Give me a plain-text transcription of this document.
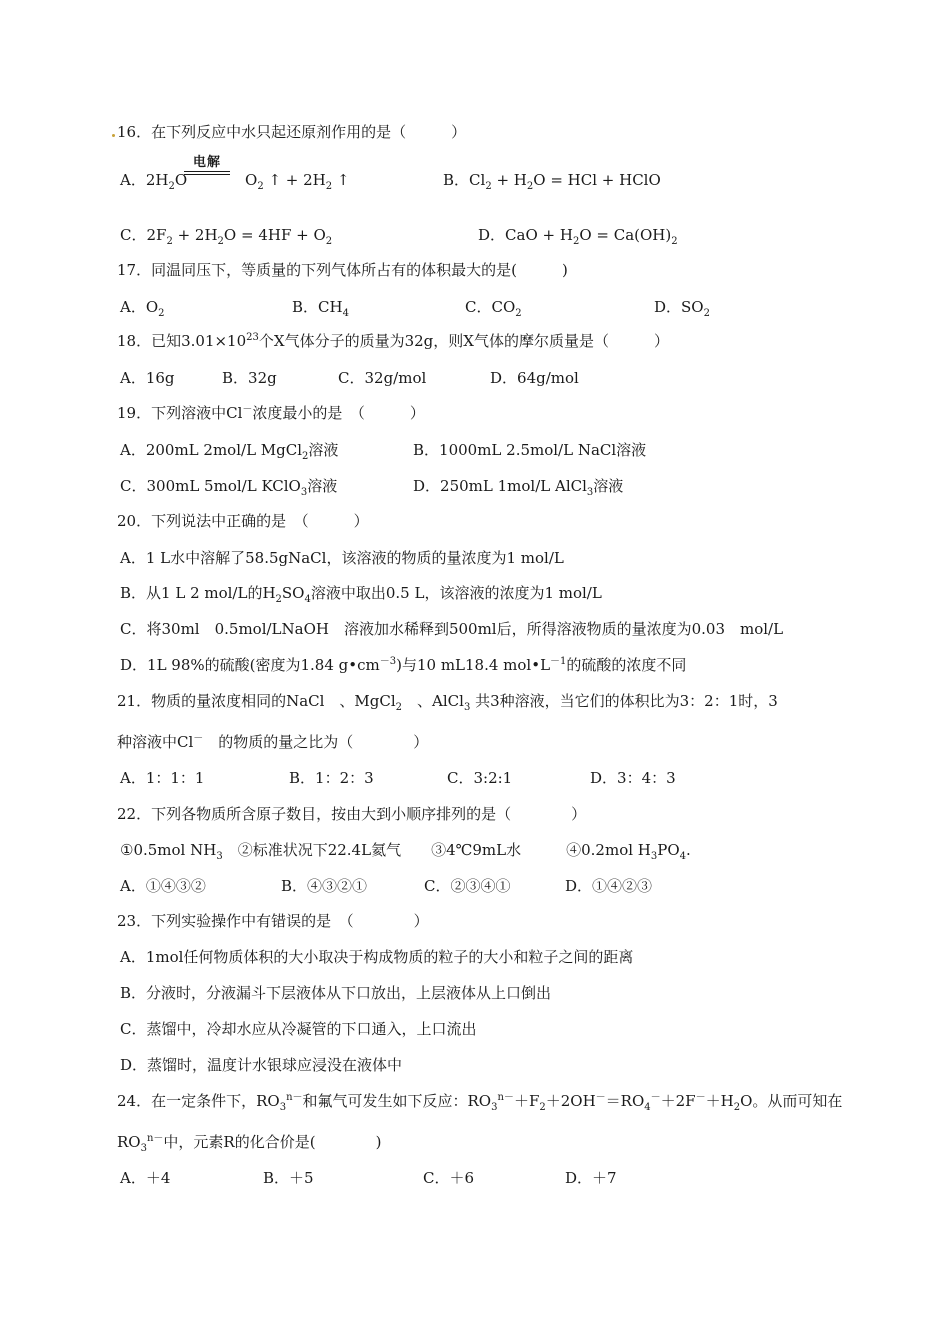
16．在下列反应中水只起还原剂作用的是（　　　）
A．$2H_2O$
电解
$O_2$ ↑ + $2H_2$ ↑	B．$Cl_2 + H_2O$ = HCl + HClO
C．$2F_2 + 2H_2O = 4HF + O_2$	D．CaO + $H_2O = Ca(OH)_2$
17．同温同压下，等质量的下列气体所占有的体积最大的是(　　　)
A．$O_2$	B．$CH_4$	C．$CO_2$	D．$SO_2$
18．已知$3.01\times 10^{23}$个X气体分子的质量为32g，则X气体的摩尔质量是（　　　）
A．16g	B．32g	C．32g/mol	D．64g/mol
19．下列溶液中Cl－浓度最小的是　（　　　）
A．200mL 2mol/L MgCl$_2$溶液	B．1000mL 2.5mol/L NaCl溶液
C．300mL 5mol/L KClO$_3$溶液	D．250mL 1mol/L AlCl$_3$溶液
20．下列说法中正确的是　（　　　）
A．1 L水中溶解了58.5gNaCl，该溶液的物质的量浓度为1 mol/L
B．从1 L 2 mol/L的$H_2SO_4$溶液中取出0.5 L，该溶液的浓度为1 mol/L
C．将30ml　0.5mol/LNaOH　溶液加水稀释到500ml后，所得溶液物质的量浓度为0.03　mol/L
D．1L 98%的硫酸(密度为1.84 $g•cm^{-3}$)与10 mL18.4 $mol•L^{-1}$的硫酸的浓度不同
21．物质的量浓度相同的NaCl　、MgCl$_2$　、AlCl$_3$ 共3种溶液，当它们的体积比为3：2：1时，3
种溶液中Cl－　的物质的量之比为（　　　　）
A．1：1：1	B．1：2：3	C．3:2:1	D．3：4：3
22．下列各物质所含原子数目，按由大到小顺序排列的是（　　　　）
①0.5mol $NH_3$　②标准状况下22.4L氦气　　③4℃9mL水　　　④0.2mol $H_3PO_4$.
A．①④③②	B．④③②①	C．②③④①	D．①④②③
23．下列实验操作中有错误的是　（　　　　）
A．1mol任何物质体积的大小取决于构成物质的粒子的大小和粒子之间的距离
B．分液时，分液漏斗下层液体从下口放出，上层液体从上口倒出
C．蒸馏中，冷却水应从冷凝管的下口通入，上口流出
D．蒸馏时，温度计水银球应浸没在液体中
24．在一定条件下，$RO_3^{n-}$和氟气可发生如下反应：$RO_3^{n-}+F_2+2OH^-=RO_4^-+2F^-+H_2O$。从而可知在
$RO_3^{n-}$中，元素R的化合价是(　　　　)
A．＋4	B．＋5	C．＋6	D．＋7
